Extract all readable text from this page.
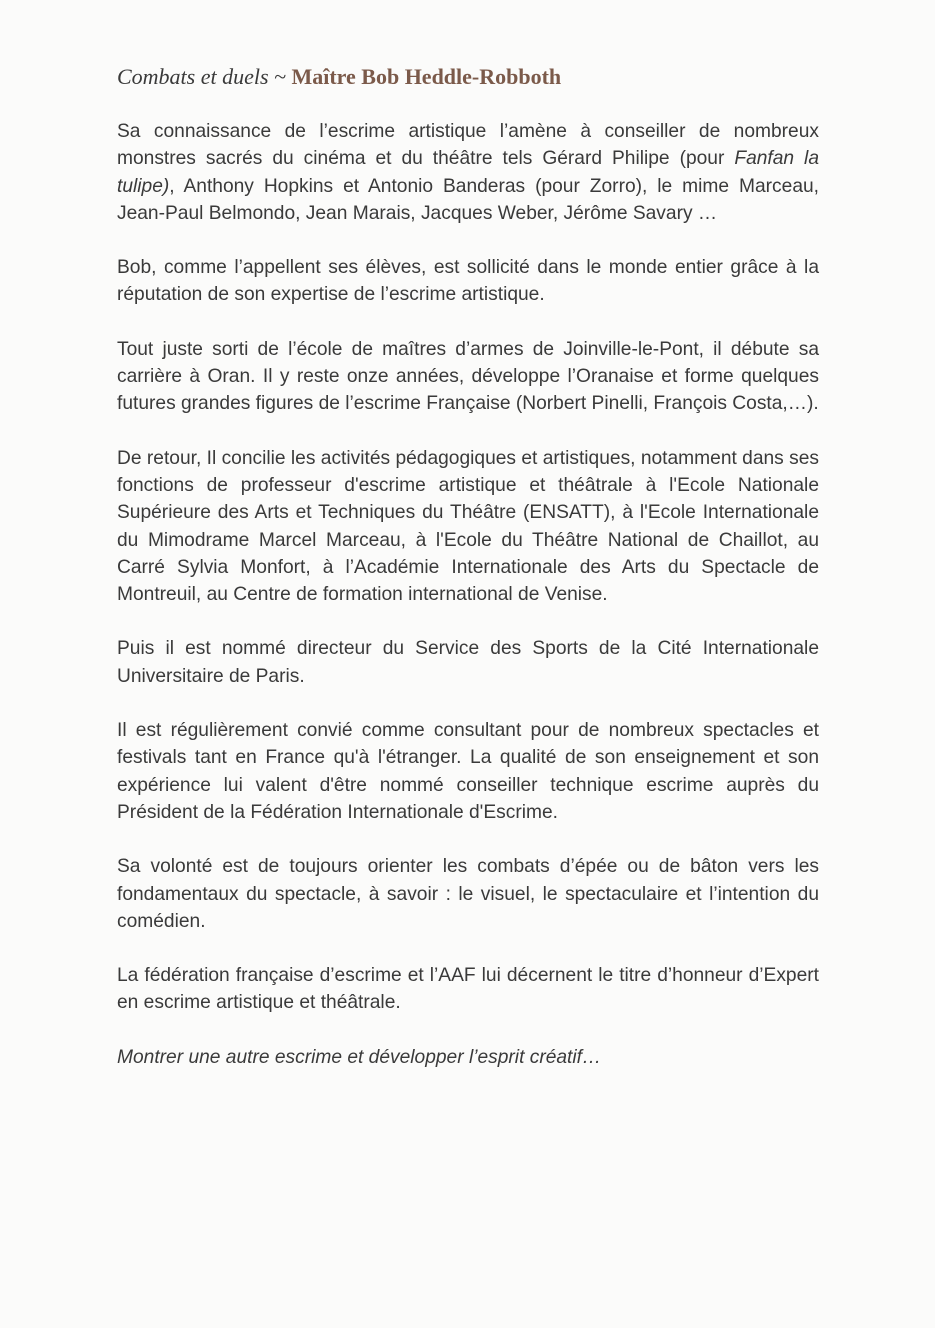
Combats et duels ~ Maître Bob Heddle-Robboth

Sa connaissance de l’escrime artistique l’amène à conseiller de nombreux monstres sacrés du cinéma et du théâtre tels Gérard Philipe (pour Fanfan la tulipe), Anthony Hopkins et Antonio Banderas (pour Zorro), le mime Marceau, Jean-Paul Belmondo, Jean Marais, Jacques Weber, Jérôme Savary …

Bob, comme l’appellent ses élèves, est sollicité dans le monde entier grâce à la réputation de son expertise de l’escrime artistique.

Tout juste sorti de l’école de maîtres d’armes de Joinville-le-Pont, il débute sa carrière à Oran. Il y reste onze années, développe l’Oranaise et forme quelques futures grandes figures de l’escrime Française (Norbert Pinelli, François Costa,…).

De retour, Il concilie les activités pédagogiques et artistiques, notamment dans ses fonctions de professeur d'escrime artistique et théâtrale à l'Ecole Nationale Supérieure des Arts et Techniques du Théâtre (ENSATT), à l'Ecole Internationale du Mimodrame Marcel Marceau, à l'Ecole du Théâtre National de Chaillot, au Carré Sylvia Monfort, à l’Académie Internationale des Arts du Spectacle de Montreuil, au Centre de formation international de Venise.

Puis il est nommé directeur du Service des Sports de la Cité Internationale Universitaire de Paris.

Il est régulièrement convié comme consultant pour de nombreux spectacles et festivals tant en France qu'à l'étranger. La qualité de son enseignement et son expérience lui valent d'être nommé conseiller technique escrime auprès du Président de la Fédération Internationale d'Escrime.

Sa volonté est de toujours orienter les combats d’épée ou de bâton vers les fondamentaux du spectacle, à savoir : le visuel, le spectaculaire et l’intention du comédien.

La fédération française d’escrime et l’AAF lui décernent le titre d’honneur d’Expert en escrime artistique et théâtrale.

Montrer une autre escrime et développer l’esprit créatif…
